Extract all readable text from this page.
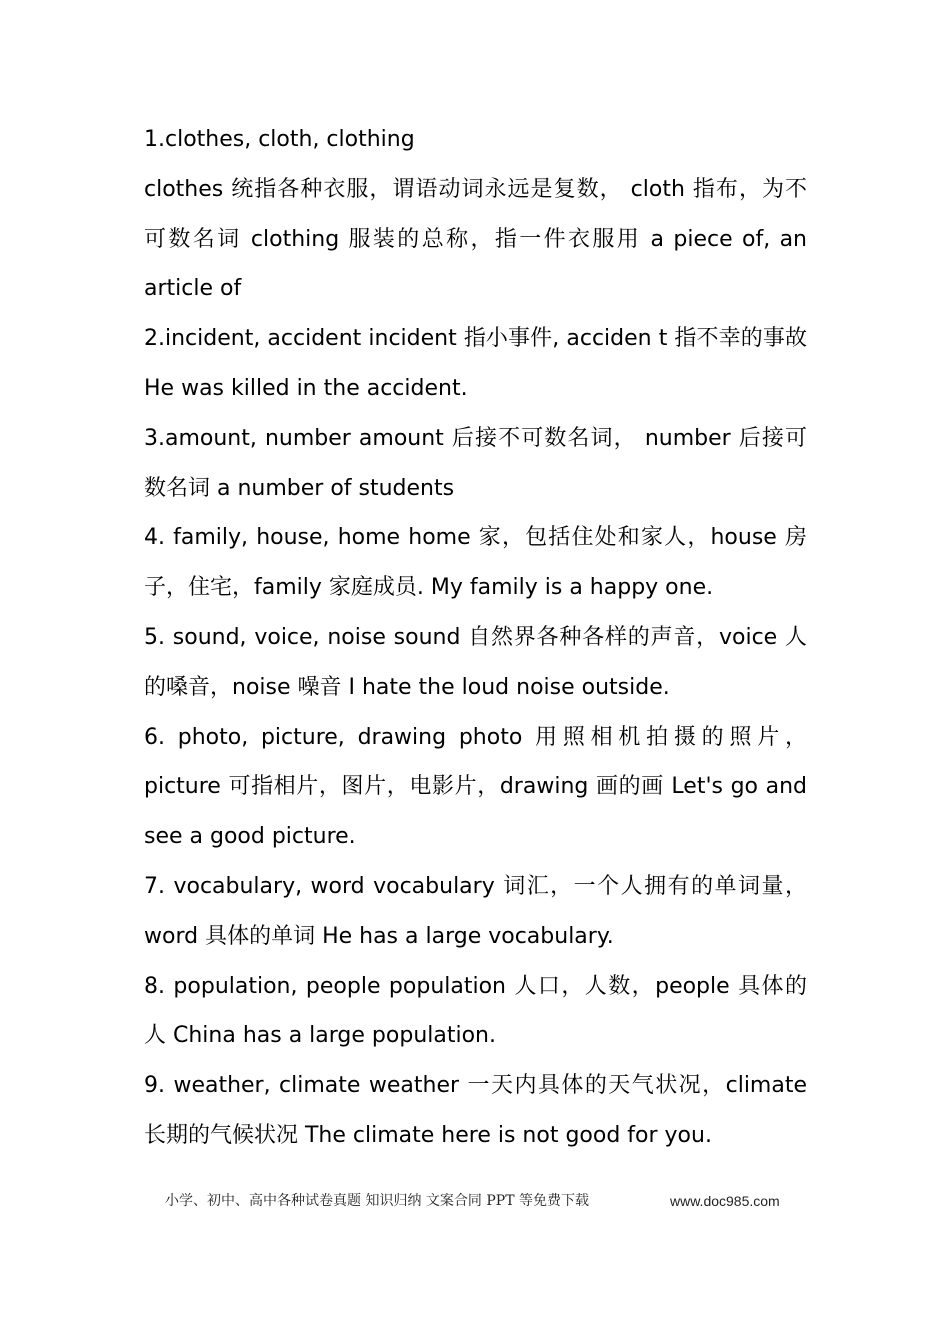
1.clothes, cloth, clothing
clothes 统指各种衣服，谓语动词永远是复数， cloth 指布，为不
可数名词 clothing 服装的总称，指一件衣服用 a piece of, an
article of
2.incident, accident incident 指小事件, acciden t 指不幸的事故
He was killed in the accident.
3.amount, number amount 后接不可数名词， number 后接可
数名词 a number of students
4. family, house, home home 家，包括住处和家人，house 房
子，住宅，family 家庭成员. My family is a happy one.
5. sound, voice, noise sound 自然界各种各样的声音，voice 人
的嗓音，noise 噪音 I hate the loud noise outside.
6. photo, picture, drawing photo 用照相机拍摄的照片，
picture 可指相片，图片，电影片，drawing 画的画 Let's go and
see a good picture.
7. vocabulary, word vocabulary 词汇，一个人拥有的单词量，
word 具体的单词 He has a large vocabulary.
8. population, people population 人口，人数，people 具体的
人 China has a large population.
9. weather, climate weather 一天内具体的天气状况，climate
长期的气候状况 The climate here is not good for you.
小学、初中、高中各种试卷真题 知识归纳 文案合同 PPT 等免费下载	www.doc985.com
